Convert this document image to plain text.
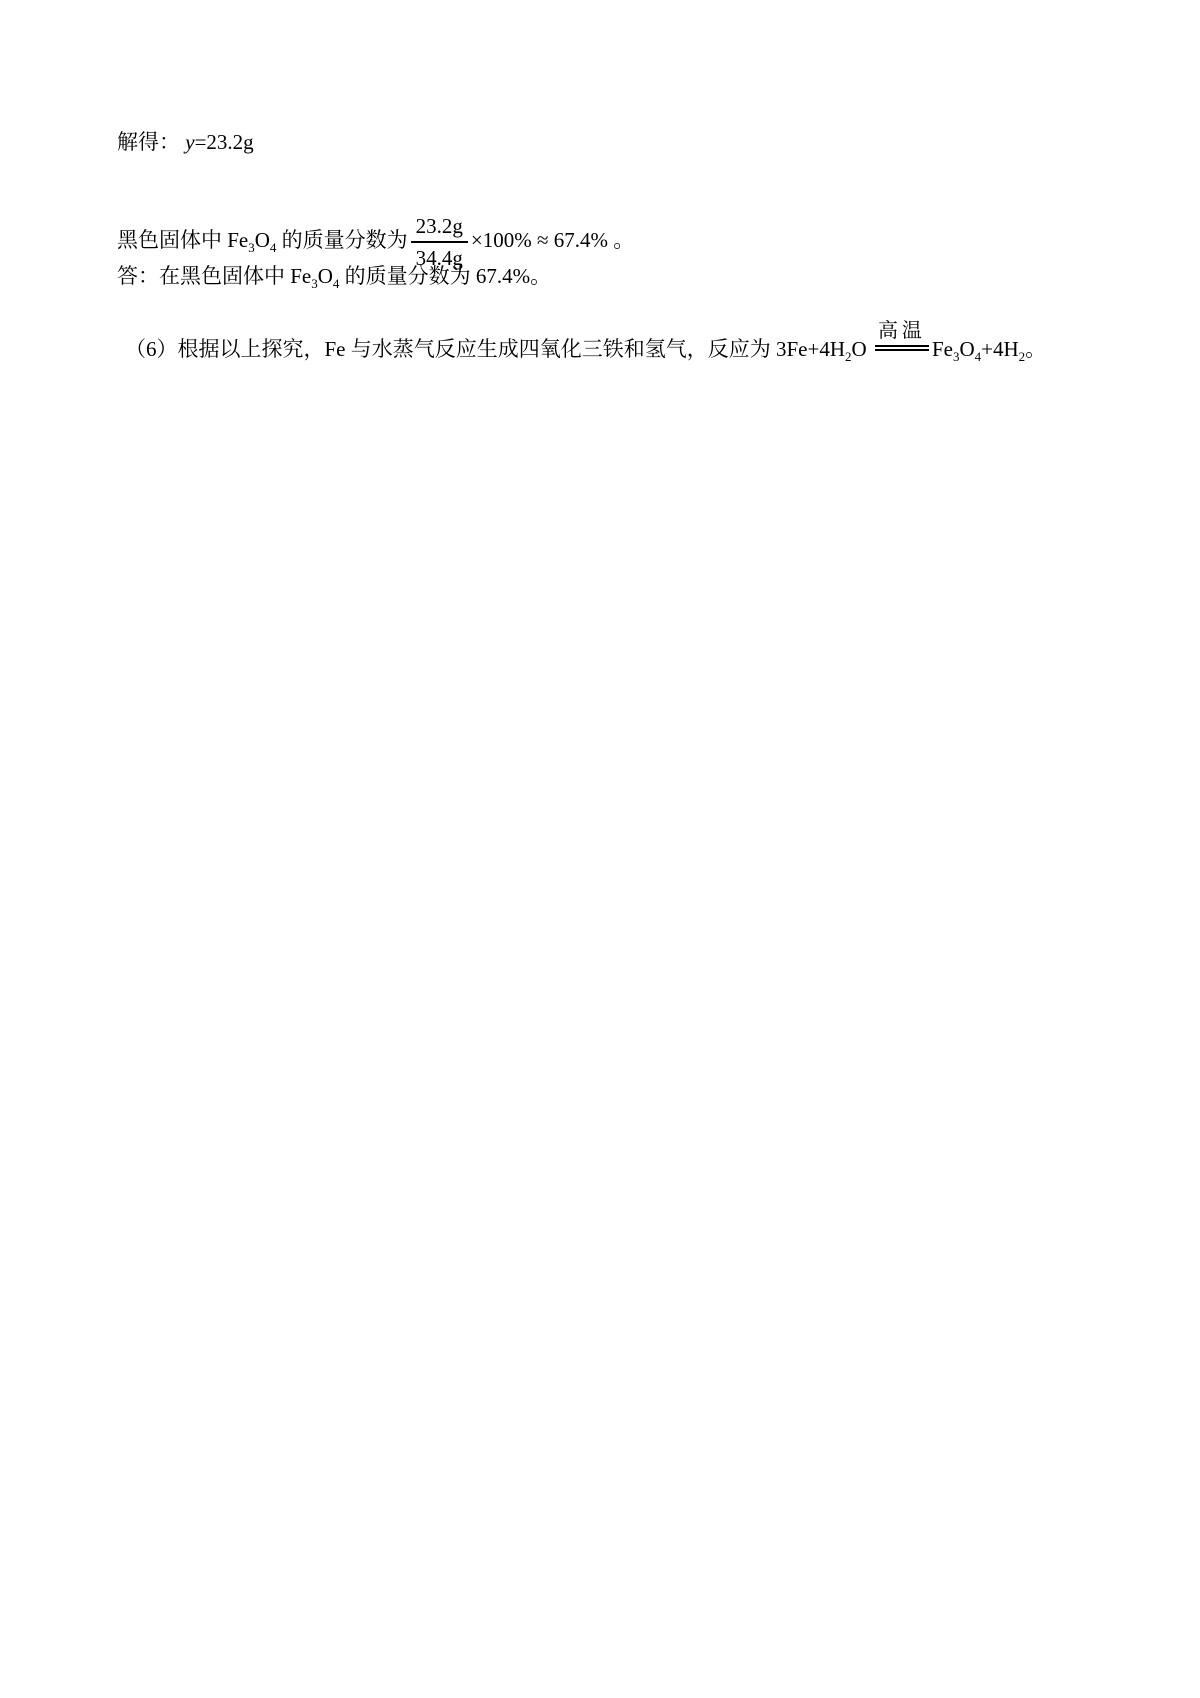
解得： y=23.2g

黑色固体中 $Fe_3O_4$ 的质量分数为 $\frac{23.2g}{34.4g} \times 100\% \approx 67.4\%$ 。

答：在黑色固体中 $Fe_3O_4$ 的质量分数为 67.4%。

（6）根据以上探究，Fe 与水蒸气反应生成四氧化三铁和氢气，反应为 $3Fe+4H_2O$
高温
$Fe_3O_4+4H_2$。
